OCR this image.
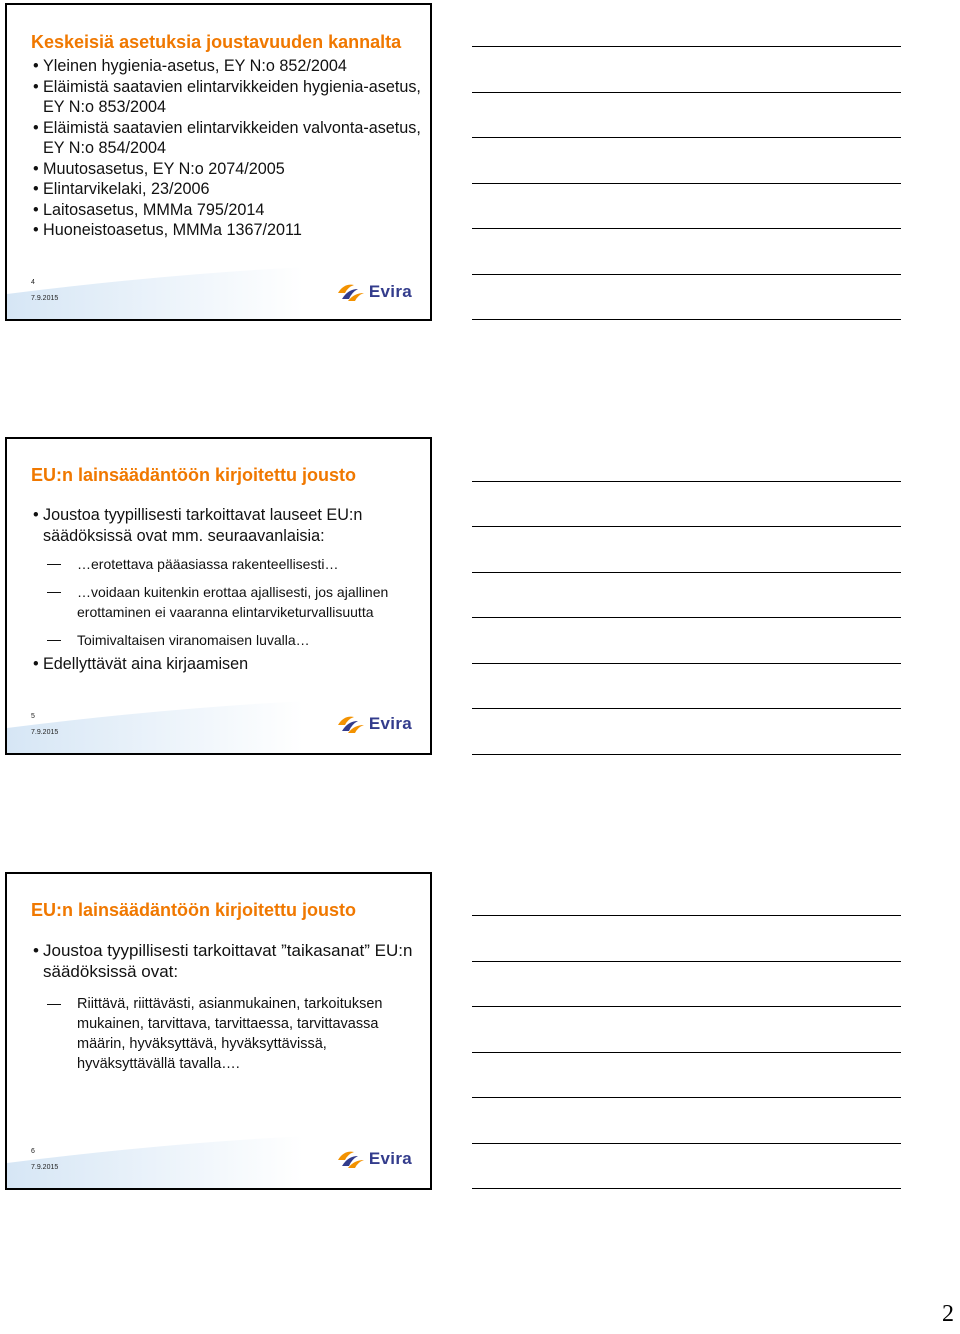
Keskeisiä asetuksia joustavuuden kannalta
• Yleinen hygienia-asetus, EY N:o 852/2004
• Eläimistä saatavien elintarvikkeiden hygienia-asetus, EY N:o 853/2004
• Eläimistä saatavien elintarvikkeiden valvonta-asetus, EY N:o 854/2004
• Muutosasetus, EY N:o 2074/2005
• Elintarvikelaki, 23/2006
• Laitosasetus, MMMa 795/2014
• Huoneistoasetus, MMMa 1367/2011
4
7.9.2015	Evira
EU:n lainsäädäntöön kirjoitettu jousto
• Joustoa tyypillisesti tarkoittavat lauseet EU:n säädöksissä ovat mm. seuraavanlaisia:
…erotettava pääasiassa rakenteellisesti…
…voidaan kuitenkin erottaa ajallisesti, jos ajallinen erottaminen ei vaaranna elintarviketurvallisuutta
Toimivaltaisen viranomaisen luvalla…
• Edellyttävät aina kirjaamisen
5
7.9.2015	Evira
EU:n lainsäädäntöön kirjoitettu jousto
• Joustoa tyypillisesti tarkoittavat ”taikasanat” EU:n säädöksissä ovat:
Riittävä, riittävästi, asianmukainen, tarkoituksen mukainen, tarvittava, tarvittaessa, tarvittavassa määrin, hyväksyttävä, hyväksyttävissä, hyväksyttävällä tavalla….
6
7.9.2015	Evira
2
